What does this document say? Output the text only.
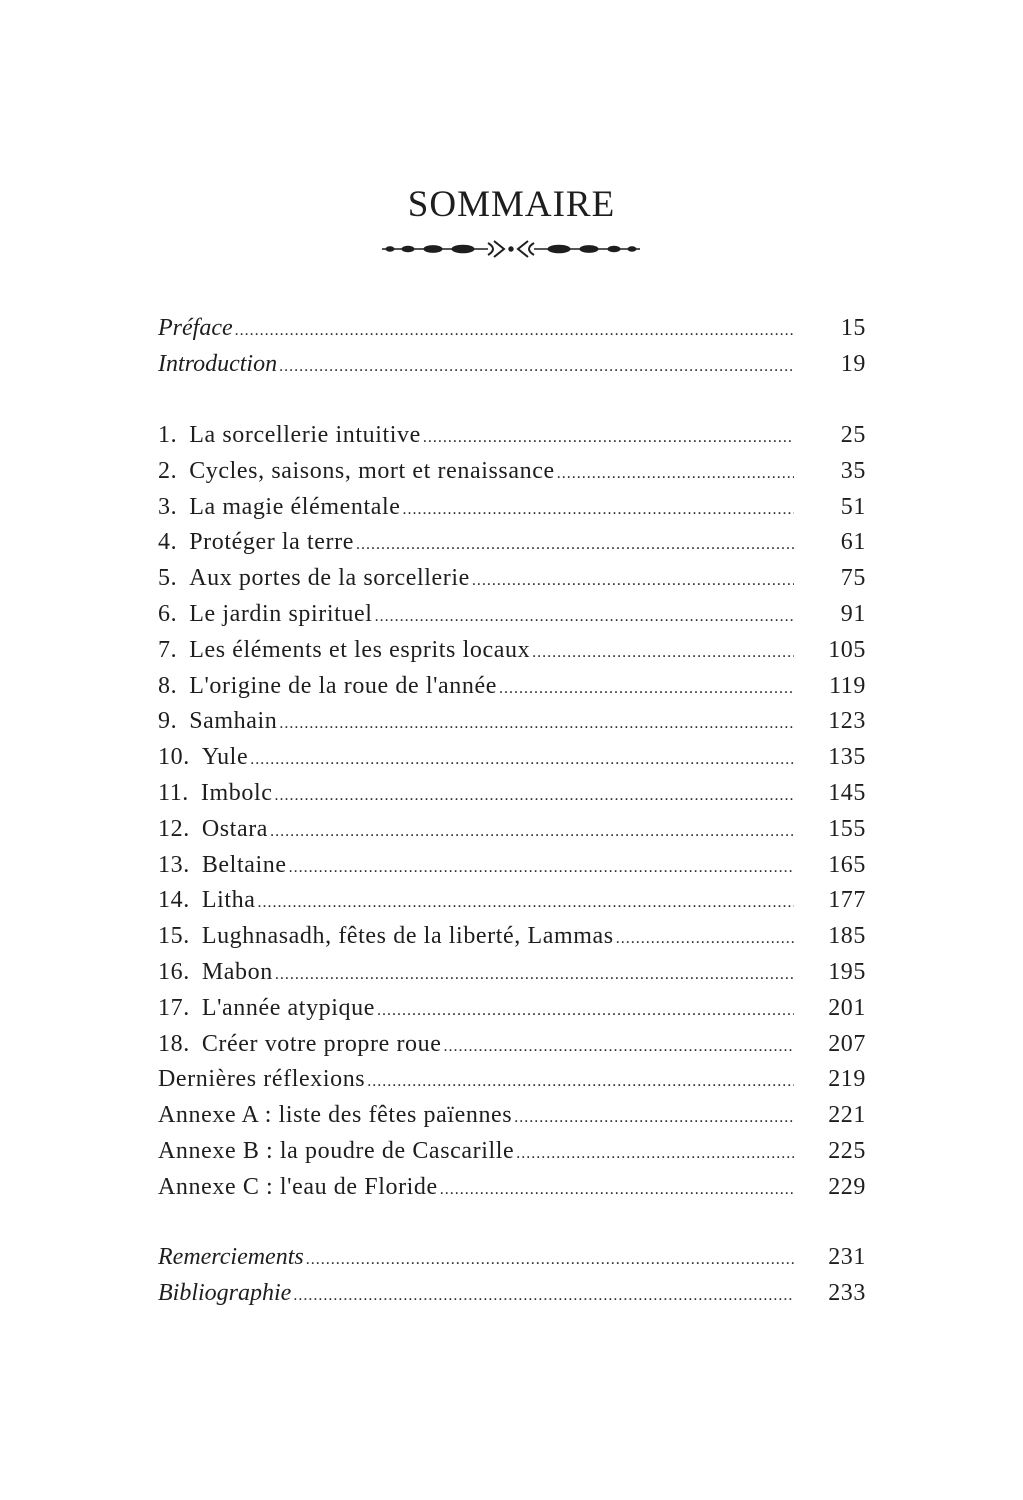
SOMMAIRE
Préface .....	15
Introduction .....	19
1. La sorcellerie intuitive .....	25
2. Cycles, saisons, mort et renaissance .....	35
3. La magie élémentale .....	51
4. Protéger la terre .....	61
5. Aux portes de la sorcellerie .....	75
6. Le jardin spirituel .....	91
7. Les éléments et les esprits locaux .....	105
8. L'origine de la roue de l'année .....	119
9. Samhain .....	123
10. Yule .....	135
11. Imbolc .....	145
12. Ostara .....	155
13. Beltaine .....	165
14. Litha .....	177
15. Lughnasadh, fêtes de la liberté, Lammas .....	185
16. Mabon .....	195
17. L'année atypique .....	201
18. Créer votre propre roue .....	207
Dernières réflexions .....	219
Annexe A : liste des fêtes païennes .....	221
Annexe B : la poudre de Cascarille .....	225
Annexe C : l'eau de Floride .....	229
Remerciements .....	231
Bibliographie .....	233
